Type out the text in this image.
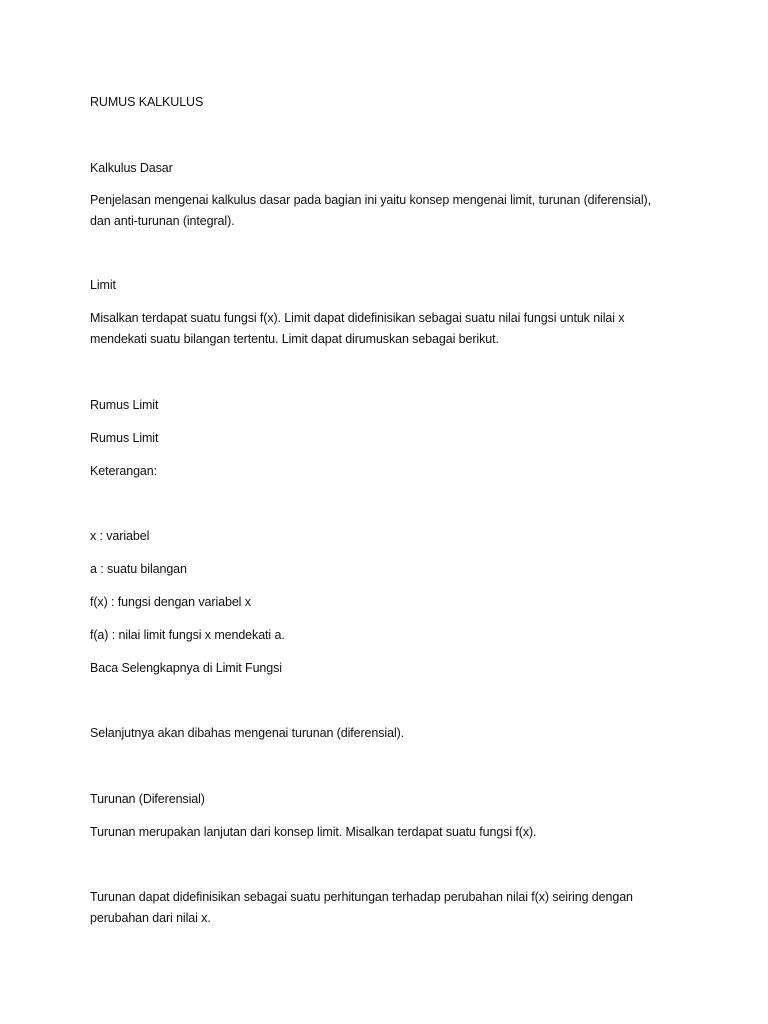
RUMUS KALKULUS
Kalkulus Dasar
Penjelasan mengenai kalkulus dasar pada bagian ini yaitu konsep mengenai limit, turunan (diferensial),
dan anti-turunan (integral).
Limit
Misalkan terdapat suatu fungsi f(x). Limit dapat didefinisikan sebagai suatu nilai fungsi untuk nilai x
mendekati suatu bilangan tertentu. Limit dapat dirumuskan sebagai berikut.
Rumus Limit
Rumus Limit
Keterangan:
x : variabel
a : suatu bilangan
f(x) : fungsi dengan variabel x
f(a) : nilai limit fungsi x mendekati a.
Baca Selengkapnya di Limit Fungsi
Selanjutnya akan dibahas mengenai turunan (diferensial).
Turunan (Diferensial)
Turunan merupakan lanjutan dari konsep limit. Misalkan terdapat suatu fungsi f(x).
Turunan dapat didefinisikan sebagai suatu perhitungan terhadap perubahan nilai f(x) seiring dengan
perubahan dari nilai x.
